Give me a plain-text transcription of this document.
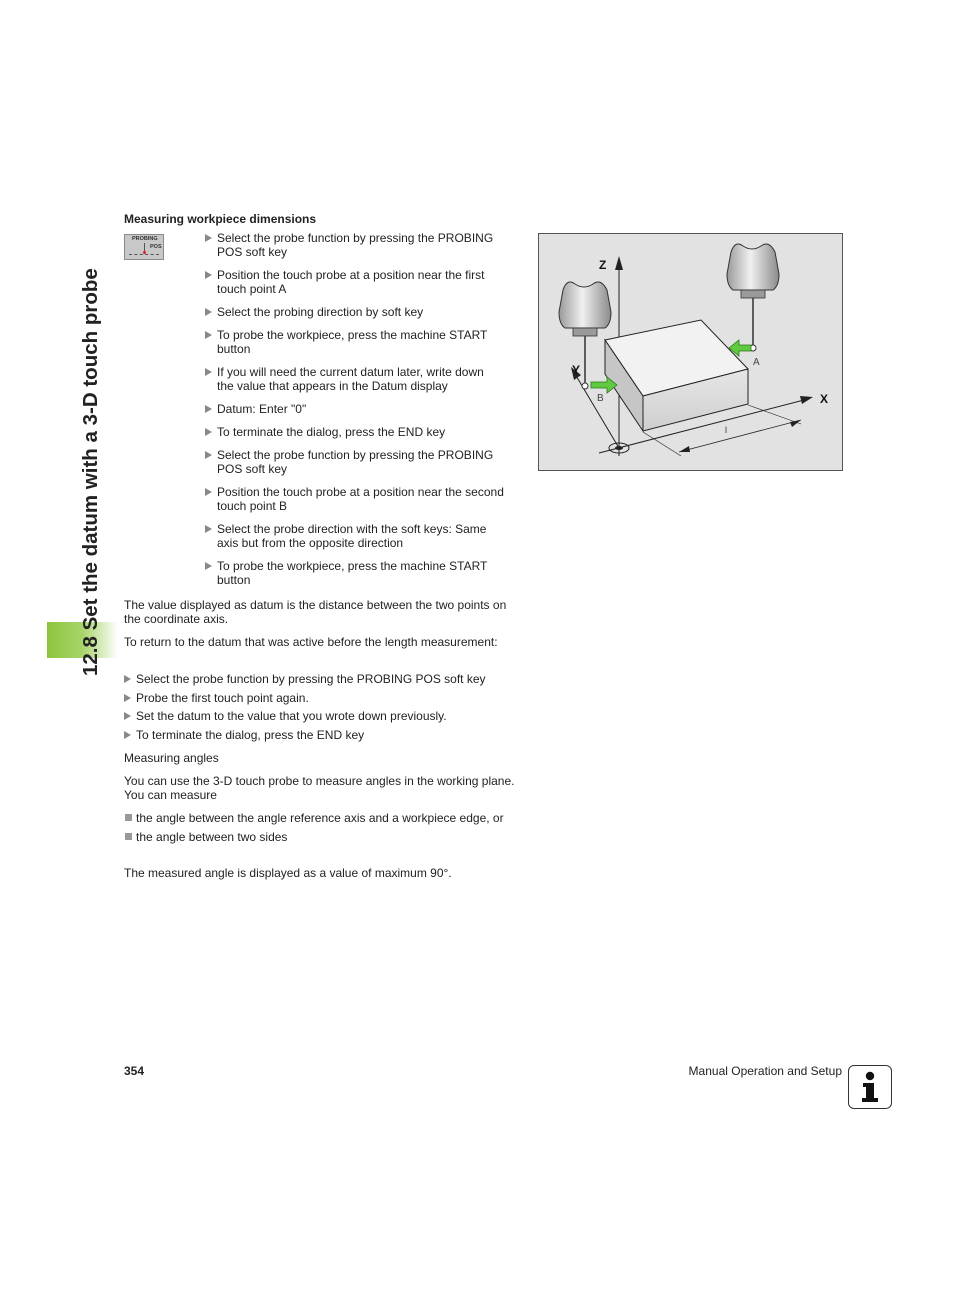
12.8 Set the datum with a 3-D touch probe
Measuring workpiece dimensions
PROBING
POS
Select the probe function by pressing the PROBING
POS soft key
Position the touch probe at a position near the first
touch point A
Select the probing direction by soft key
To probe the workpiece, press the machine START
button
If you will need the current datum later, write down
the value that appears in the Datum display
Datum: Enter "0"
To terminate the dialog, press the END key
Select the probe function by pressing the PROBING
POS soft key
Position the touch probe at a position near the second
touch point B
Select the probe direction with the soft keys: Same
axis but from the opposite direction
To probe the workpiece, press the machine START
button

The value displayed as datum is the distance between the two points on the coordinate axis.

To return to the datum that was active before the length measurement:

Select the probe function by pressing the PROBING POS soft key
Probe the first touch point again.
Set the datum to the value that you wrote down previously.
To terminate the dialog, press the END key

Measuring angles

You can use the 3-D touch probe to measure angles in the working plane. You can measure

the angle between the angle reference axis and a workpiece edge, or
the angle between two sides

The measured angle is displayed as a value of maximum 90°.

Z
Y
X
l
B
A
354	Manual Operation and Setup
